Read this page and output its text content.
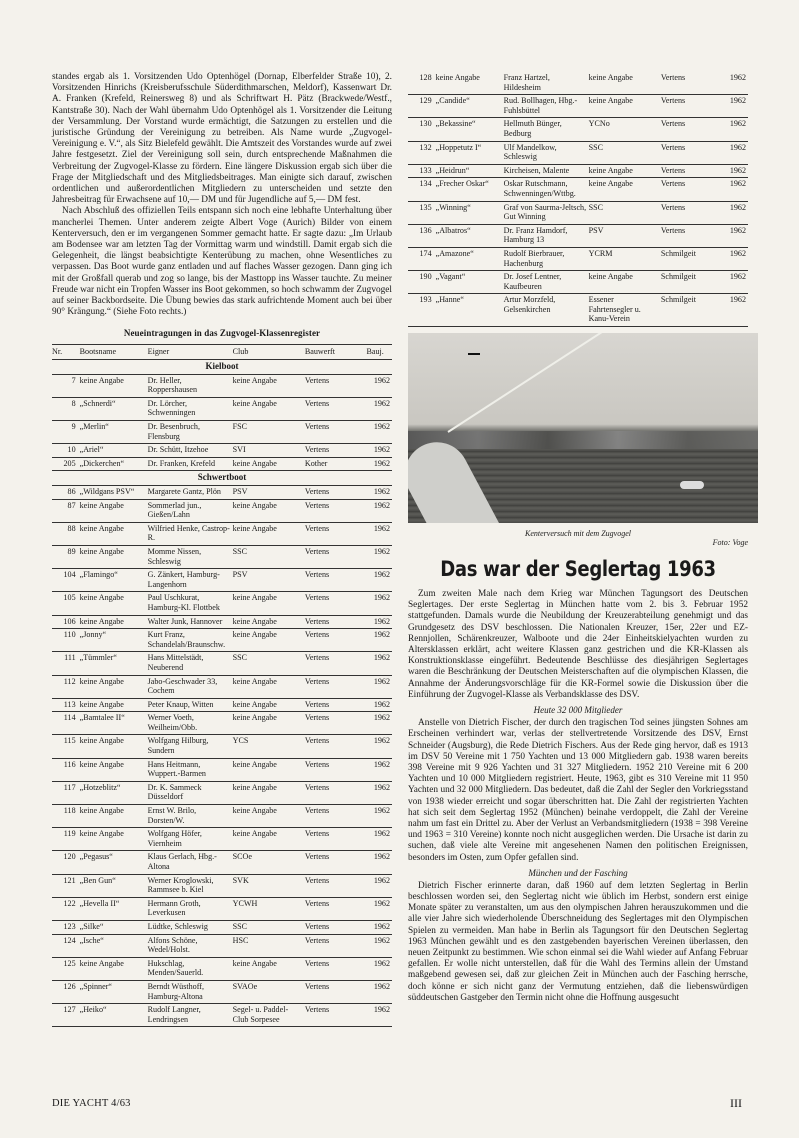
standes ergab als 1. Vorsitzenden Udo Optenhögel (Dornap, Elberfelder Straße 10), 2. Vorsitzenden Hinrichs (Kreisberufsschule Süderdithmarschen, Meldorf), Kassenwart Dr. A. Franken (Krefeld, Reinersweg 8) und als Schriftwart H. Pätz (Brackwede/Westf., Kantstraße 30). Nach der Wahl übernahm Udo Optenhögel als 1. Vorsitzender die Leitung der Versammlung. Der Vorstand wurde ermächtigt, die Satzungen zu erstellen und die juristische Gründung der Vereinigung zu betreiben. Als Name wurde „Zugvogel-Vereinigung e. V.“, als Sitz Bielefeld gewählt. Die Amtszeit des Vorstandes wurde auf zwei Jahre festgesetzt. Ziel der Vereinigung soll sein, durch entsprechende Maßnahmen die Verbreitung der Zugvogel-Klasse zu fördern. Eine längere Diskussion ergab sich über die Frage der Mitgliedschaft und des Mitgliedsbeitrages. Man einigte sich darauf, zwischen ordentlichen und außerordentlichen Mitgliedern zu unterscheiden und setzte den Jahresbeitrag für Erwachsene auf 10,— DM und für Jugendliche auf 5,— DM fest.

Nach Abschluß des offiziellen Teils entspann sich noch eine lebhafte Unterhaltung über mancherlei Themen. Unter anderem zeigte Albert Voge (Aurich) Bilder von einem Kenterversuch, den er im vergangenen Sommer gemacht hatte. Er sagte dazu: „Im Urlaub am Bodensee war am letzten Tag der Vormittag warm und windstill. Damit ergab sich die Gelegenheit, die längst beabsichtigte Kenterübung zu machen, ohne Wesentliches zu verpassen. Das Boot wurde ganz entladen und auf flaches Wasser gezogen. Dann ging ich mit der Großfall querab und zog so lange, bis der Masttopp ins Wasser tauchte. Zu meiner Freude war nicht ein Tropfen Wasser ins Boot gekommen, so hoch schwamm der Zugvogel auf seiner Backbordseite. Die Übung bewies das stark aufrichtende Moment auch bei über 90° Krängung.“ (Siehe Foto rechts.)

Neueintragungen in das Zugvogel-Klassenregister
Nr.	Bootsname	Eigner	Club	Bauwerft	Bauj.
Kielboot					
7	keine Angabe	Dr. Heller, Roppershausen	keine Angabe	Vertens	1962
8	„Schnerdi“	Dr. Lörcher, Schwenningen	keine Angabe	Vertens	1962
9	„Merlin“	Dr. Besenbruch, Flensburg	FSC	Vertens	1962
10	„Ariel“	Dr. Schütt, Itzehoe	SVI	Vertens	1962
205	„Dickerchen“	Dr. Franken, Krefeld	keine Angabe	Kother	1962
Schwertboot					
86	„Wildgans PSV“	Margarete Gantz, Plön	PSV	Vertens	1962
87	keine Angabe	Sommerlad jun., Gießen/Lahn	keine Angabe	Vertens	1962
88	keine Angabe	Wilfried Henke, Castrop-R.	keine Angabe	Vertens	1962
89	keine Angabe	Momme Nissen, Schleswig	SSC	Vertens	1962
104	„Flamingo“	G. Zänkert, Hamburg-Langenhorn	PSV	Vertens	1962
105	keine Angabe	Paul Uschkurat, Hamburg-Kl. Flottbek	keine Angabe	Vertens	1962
106	keine Angabe	Walter Junk, Hannover	keine Angabe	Vertens	1962
110	„Jonny“	Kurt Franz, Schandelah/Braunschw.	keine Angabe	Vertens	1962
111	„Tümmler“	Hans Mittelstädt, Neuberend	SSC	Vertens	1962
112	keine Angabe	Jabo-Geschwader 33, Cochem	keine Angabe	Vertens	1962
113	keine Angabe	Peter Knaup, Witten	keine Angabe	Vertens	1962
114	„Bamtalee II“	Werner Voeth, Weilheim/Obb.	keine Angabe	Vertens	1962
115	keine Angabe	Wolfgang Hilburg, Sundern	YCS	Vertens	1962
116	keine Angabe	Hans Heitmann, Wuppert.-Barmen	keine Angabe	Vertens	1962
117	„Hotzeblitz“	Dr. K. Sammeck Düsseldorf	keine Angabe	Vertens	1962
118	keine Angabe	Ernst W. Brilo, Dorsten/W.	keine Angabe	Vertens	1962
119	keine Angabe	Wolfgang Höfer, Viernheim	keine Angabe	Vertens	1962
120	„Pegasus“	Klaus Gerlach, Hbg.-Altona	SCOe	Vertens	1962
121	„Ben Gun“	Werner Kroglowski, Rammsee b. Kiel	SVK	Vertens	1962
122	„Hevella II“	Hermann Groth, Leverkusen	YCWH	Vertens	1962
123	„Silke“	Lüdtke, Schleswig	SSC	Vertens	1962
124	„Ische“	Alfons Schöne, Wedel/Holst.	HSC	Vertens	1962
125	keine Angabe	Hukschlag, Menden/Sauerld.	keine Angabe	Vertens	1962
126	„Spinner“	Berndt Wüsthoff, Hamburg-Altona	SVAOe	Vertens	1962
127	„Heiko“	Rudolf Langner, Lendringsen	Segel- u. Paddel-Club Sorpesee	Vertens	1962
128	keine Angabe	Franz Hartzel, Hildesheim	keine Angabe	Vertens	1962
129	„Candide“	Rud. Bollhagen, Hbg.-Fuhlsbüttel	keine Angabe	Vertens	1962
130	„Bekassine“	Hellmuth Bünger, Bedburg	YCNo	Vertens	1962
132	„Hoppetutz I“	Ulf Mandelkow, Schleswig	SSC	Vertens	1962
133	„Heidrun“	Kircheisen, Malente	keine Angabe	Vertens	1962
134	„Frecher Oskar“	Oskar Rutschmann, Schwenningen/Wttbg.	keine Angabe	Vertens	1962
135	„Winning“	Graf von Saurma-Jeltsch, Gut Winning	SSC	Vertens	1962
136	„Albatros“	Dr. Franz Hamdorf, Hamburg 13	PSV	Vertens	1962
174	„Amazone“	Rudolf Bierbrauer, Hachenburg	YCRM	Schmilgeit	1962
190	„Vagant“	Dr. Josef Lentner, Kaufbeuren	keine Angabe	Schmilgeit	1962
193	„Hanne“	Artur Morzfeld, Gelsenkirchen	Essener Fahrtensegler u. Kanu-Verein	Schmilgeit	1962
Kenterversuch mit dem Zugvogel
Foto: Voge
Das war der Seglertag 1963

Zum zweiten Male nach dem Krieg war München Tagungsort des Deutschen Seglertages. Der erste Seglertag in München hatte vom 2. bis 3. Februar 1952 stattgefunden. Damals wurde die Neubildung der Kreuzerabteilung genehmigt und das Grundgesetz des DSV beschlossen. Die Nationalen Kreuzer, 15er, 22er und EZ-Rennjollen, Schärenkreuzer, Walboote und die 24er Einheitskielyachten wurden zu Altersklassen erklärt, acht weitere Klassen ganz gestrichen und die KR-Klassen als Konstruktionsklasse eingeführt. Bedeutende Beschlüsse des diesjährigen Seglertages waren die Beschränkung der Deutschen Meisterschaften auf die olympischen Klassen, die Annahme der Änderungsvorschläge für die KR-Formel sowie die Diskussion über die Einführung der Zugvogel-Klasse als Verbandsklasse des DSV.

Heute 32 000 Mitglieder

Anstelle von Dietrich Fischer, der durch den tragischen Tod seines jüngsten Sohnes am Erscheinen verhindert war, verlas der stellvertretende Vorsitzende des DSV, Ernst Schneider (Augsburg), die Rede Dietrich Fischers. Aus der Rede ging hervor, daß es 1913 im DSV 50 Vereine mit 1 750 Yachten und 13 000 Mitgliedern gab. 1938 waren bereits 398 Vereine mit 9 926 Yachten und 31 327 Mitgliedern. 1952 210 Vereine mit 6 200 Yachten und 10 000 Mitgliedern registriert. Heute, 1963, gibt es 310 Vereine mit 11 950 Yachten und 32 000 Mitgliedern. Das bedeutet, daß die Zahl der Segler den Vorkriegsstand von 1938 wieder erreicht und sogar überschritten hat. Die Zahl der registrierten Yachten hat sich seit dem Seglertag 1952 (München) beinahe verdoppelt, die Zahl der Vereine nahm um fast ein Drittel zu. Aber der Verlust an Verbandsmitgliedern (1938 = 398 Vereine und 1963 = 310 Vereine) konnte noch nicht ausgeglichen werden. Die Ursache ist darin zu suchen, daß viele alte Vereine mit angesehenen Namen den politischen Ereignissen, besonders im Osten, zum Opfer gefallen sind.

München und der Fasching

Dietrich Fischer erinnerte daran, daß 1960 auf dem letzten Seglertag in Berlin beschlossen worden sei, den Seglertag nicht wie üblich im Herbst, sondern erst einige Monate später zu veranstalten, um aus den olympischen Jahren herauszukommen und die alle vier Jahre sich wiederholende Überschneidung des Seglertages mit den Olympischen Spielen zu vermeiden. Man habe in Berlin als Tagungsort für den Deutschen Seglertag 1963 München gewählt und es den zastgebenden bayerischen Vereinen überlassen, den neuen Zeitpunkt zu bestimmen. Wie schon einmal sei die Wahl wieder auf Anfang Februar gefallen. Er wolle nicht unterstellen, daß für die Wahl des Termins allein der Umstand maßgebend gewesen sei, daß zur gleichen Zeit in München auch der Fasching herrsche, doch könne er sich nicht ganz der Vermutung entziehen, daß die liebenswürdigen süddeutschen Gastgeber den Termin nicht ohne die Hoffnung ausgesucht

DIE YACHT 4/63	III
